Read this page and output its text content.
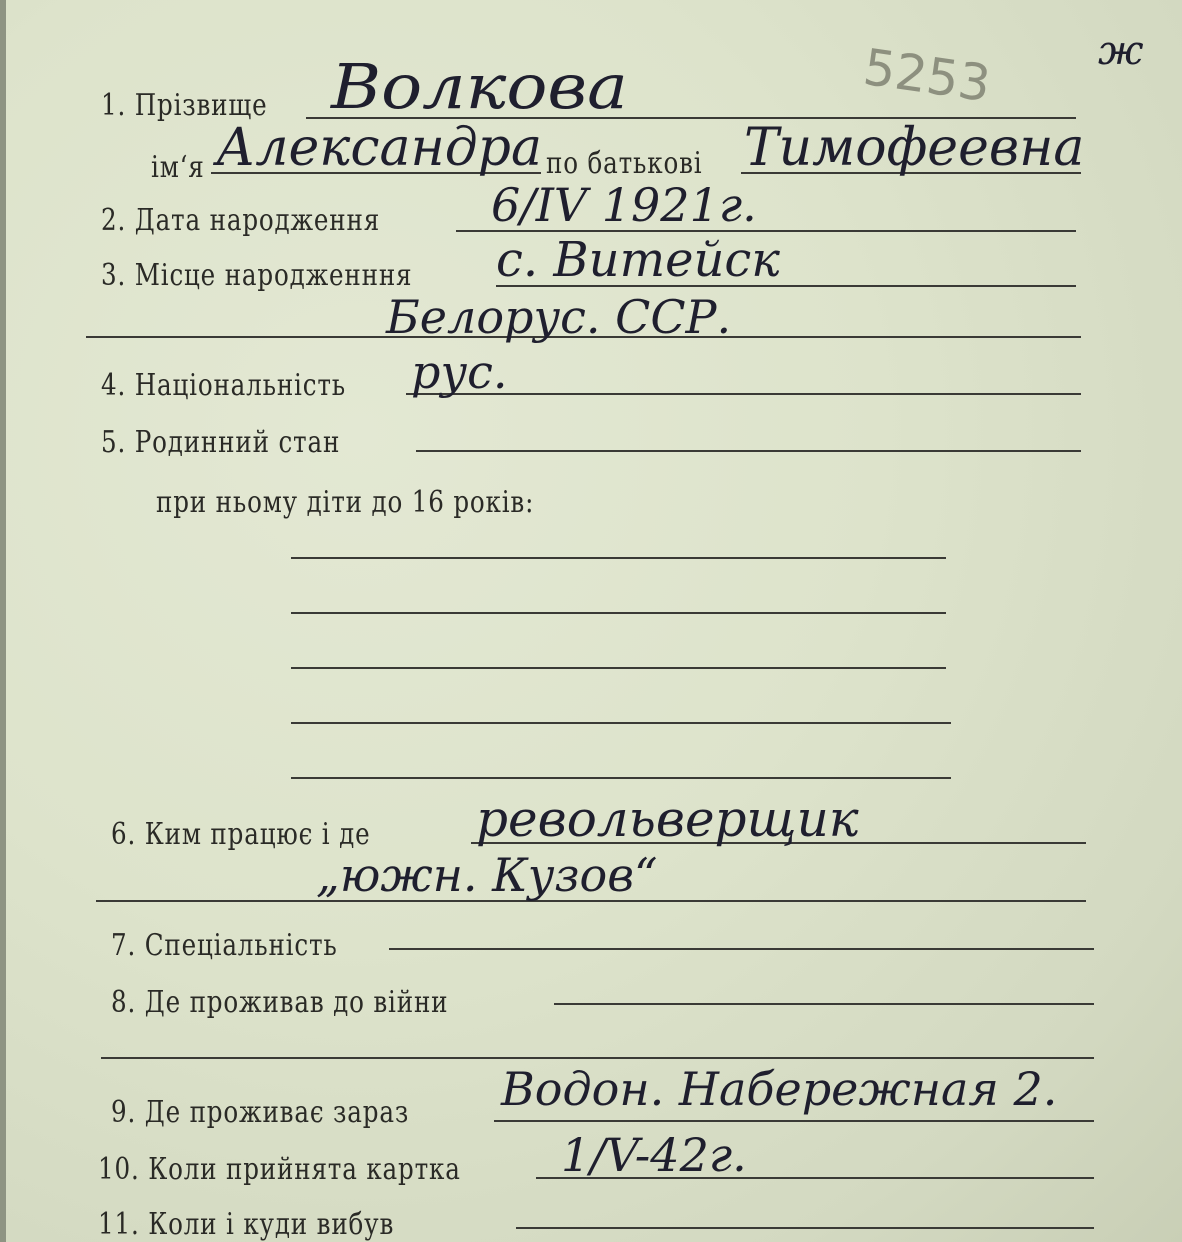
5253	ж
1. Прізвище Волкова
ім‘я Александра по батькові Тимофеевна
2. Дата народження 6/IV 1921г.
3. Місце народженння с. Витейск
Белорус. ССР.
4. Національність рус.
5. Родинний стан
при ньому діти до 16 років:
6. Ким працює і де револьверщик
„южн. Кузов“
7. Спеціальність
8. Де проживав до війни
9. Де проживає зараз Водон. Набережная 2.
10. Коли прийнята картка 1/V-42г.
11. Коли і куди вибув
